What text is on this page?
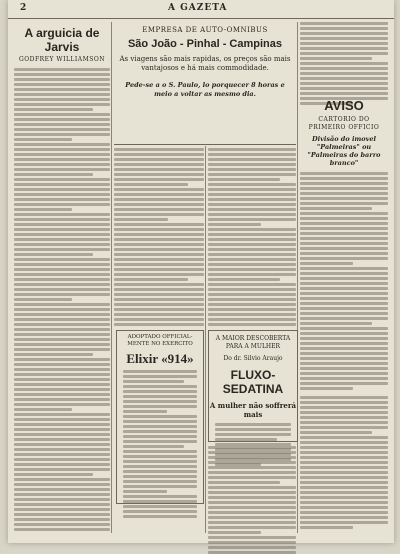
2	A GAZETA
A arguicia de Jarvis
GODFREY WILLIAMSON
EMPRESA DE AUTO-OMNIBUS
São João - Pinhal - Campinas
As viagens são mais rapidas, os preços são mais vantajosos e há mais commodidade.
Pede-se a o S. Paulo, lo porquecer 8 horas e meio a voltar as mesmo dia.
ADOPTADO OFFICIAL-MENTE NO EXERCITO
Elixir «914»
A MAIOR DESCOBERTA PARA A MULHER
Do dr. Silvio Araujo
FLUXO-SEDATINA
A mulher não soffrerá mais
AVISO
CARTORIO DO PRIMEIRO OFFICIO
Divisão do imovel "Palmeiras" ou "Palmeiras do barro branco"
